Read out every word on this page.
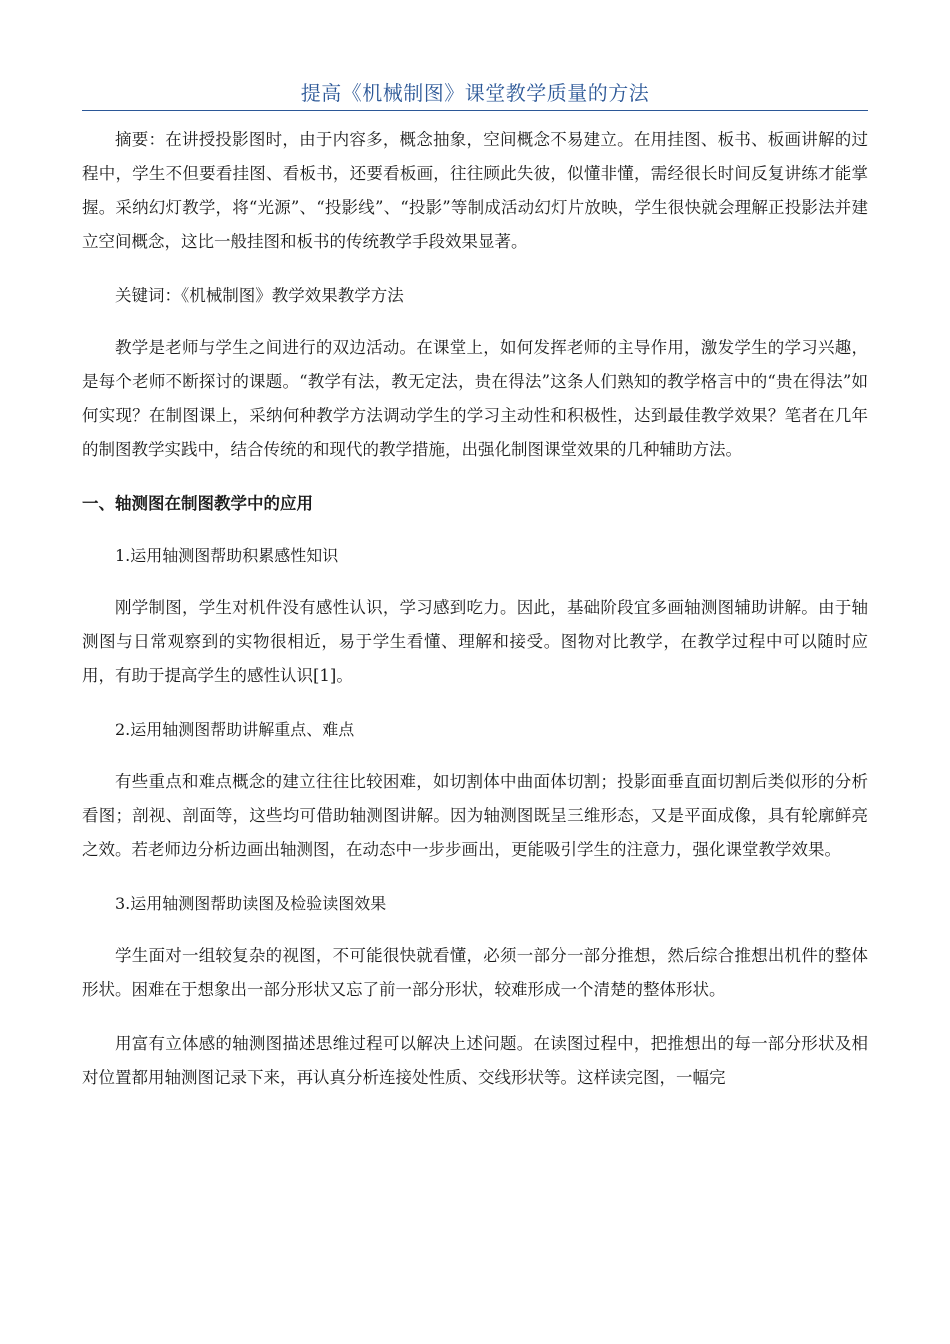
提高《机械制图》课堂教学质量的方法

摘要：在讲授投影图时，由于内容多，概念抽象，空间概念不易建立。在用挂图、板书、板画讲解的过程中，学生不但要看挂图、看板书，还要看板画，往往顾此失彼，似懂非懂，需经很长时间反复讲练才能掌握。采纳幻灯教学，将“光源”、“投影线”、“投影”等制成活动幻灯片放映，学生很快就会理解正投影法并建立空间概念，这比一般挂图和板书的传统教学手段效果显著。

关键词：《机械制图》教学效果教学方法

教学是老师与学生之间进行的双边活动。在课堂上，如何发挥老师的主导作用，激发学生的学习兴趣，是每个老师不断探讨的课题。“教学有法，教无定法，贵在得法”这条人们熟知的教学格言中的“贵在得法”如何实现？在制图课上，采纳何种教学方法调动学生的学习主动性和积极性，达到最佳教学效果？笔者在几年的制图教学实践中，结合传统的和现代的教学措施，出强化制图课堂效果的几种辅助方法。

一、轴测图在制图教学中的应用
1.运用轴测图帮助积累感性知识

刚学制图，学生对机件没有感性认识，学习感到吃力。因此，基础阶段宜多画轴测图辅助讲解。由于轴测图与日常观察到的实物很相近，易于学生看懂、理解和接受。图物对比教学，在教学过程中可以随时应用，有助于提高学生的感性认识[1]。

2.运用轴测图帮助讲解重点、难点

有些重点和难点概念的建立往往比较困难，如切割体中曲面体切割；投影面垂直面切割后类似形的分析看图；剖视、剖面等，这些均可借助轴测图讲解。因为轴测图既呈三维形态，又是平面成像，具有轮廓鲜亮之效。若老师边分析边画出轴测图，在动态中一步步画出，更能吸引学生的注意力，强化课堂教学效果。

3.运用轴测图帮助读图及检验读图效果

学生面对一组较复杂的视图，不可能很快就看懂，必须一部分一部分推想，然后综合推想出机件的整体形状。困难在于想象出一部分形状又忘了前一部分形状，较难形成一个清楚的整体形状。

用富有立体感的轴测图描述思维过程可以解决上述问题。在读图过程中，把推想出的每一部分形状及相对位置都用轴测图记录下来，再认真分析连接处性质、交线形状等。这样读完图，一幅完
